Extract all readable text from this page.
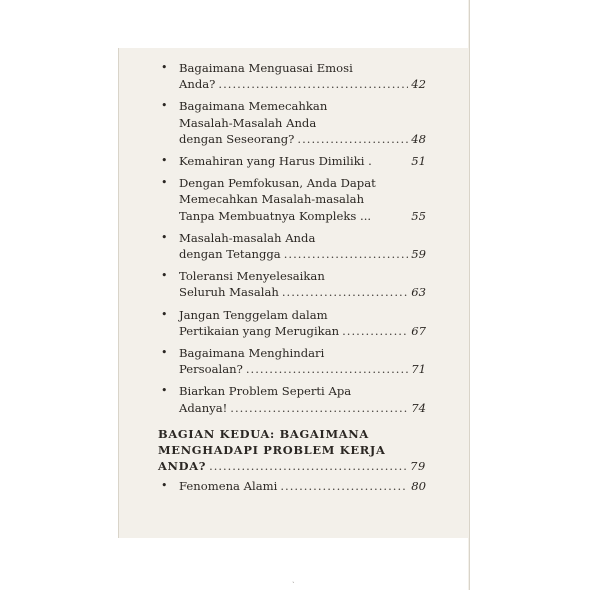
• Bagaimana Menguasai Emosi
Anda? .....	42
• Bagaimana Memecahkan
Masalah-Masalah Anda
dengan Seseorang? .....	48
• Kemahiran yang Harus Dimiliki .	51
• Dengan Pemfokusan, Anda Dapat
Memecahkan Masalah-masalah
Tanpa Membuatnya Kompleks ...	55
• Masalah-masalah Anda
dengan Tetangga .....	59
• Toleransi Menyelesaikan
Seluruh Masalah .....	63
• Jangan Tenggelam dalam
Pertikaian yang Merugikan .....	67
• Bagaimana Menghindari
Persoalan? .....	71
• Biarkan Problem Seperti Apa
Adanya! .....	74
BAGIAN KEDUA: BAGAIMANA
MENGHADAPI PROBLEM KERJA
ANDA? .....	79
• Fenomena Alami .....	80
ˏ
